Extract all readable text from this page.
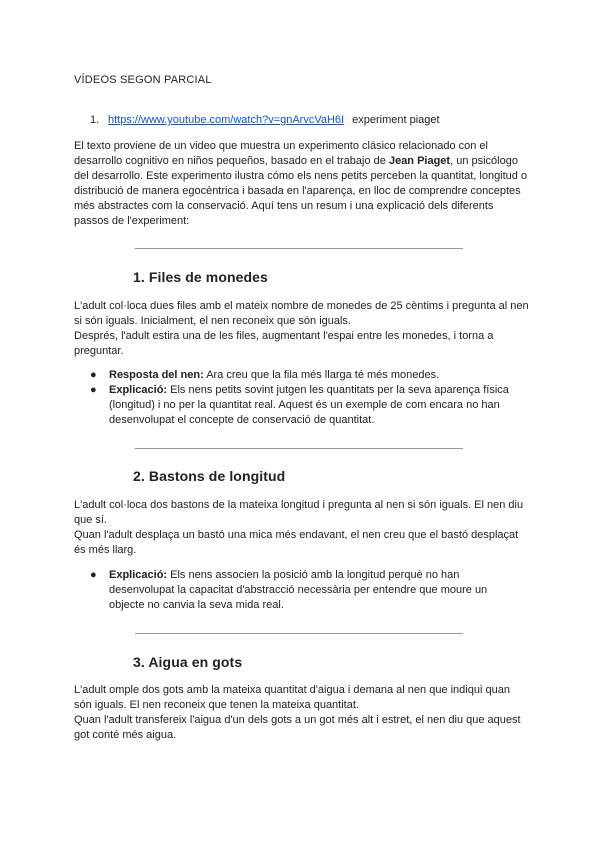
VÍDEOS SEGON PARCIAL
1. https://www.youtube.com/watch?v=gnArvcVaH6I experiment piaget

El texto proviene de un video que muestra un experimento clásico relacionado con el desarrollo cognitivo en niños pequeños, basado en el trabajo de Jean Piaget, un psicólogo del desarrollo. Este experimento ilustra cómo els nens petits perceben la quantitat, longitud o distribució de manera egocèntrica i basada en l'aparença, en lloc de comprendre conceptes més abstractes com la conservació. Aquí tens un resum i una explicació dels diferents passos de l'experiment:

1. Files de monedes

L'adult col·loca dues files amb el mateix nombre de monedes de 25 cèntims i pregunta al nen si són iguals. Inicialment, el nen reconeix que són iguals.
Després, l'adult estira una de les files, augmentant l'espai entre les monedes, i torna a preguntar.

● Resposta del nen: Ara creu que la fila més llarga té més monedes.
● Explicació: Els nens petits sovint jutgen les quantitats per la seva aparença física (longitud) i no per la quantitat real. Aquest és un exemple de com encara no han desenvolupat el concepte de conservació de quantitat.
2. Bastons de longitud

L'adult col·loca dos bastons de la mateixa longitud i pregunta al nen si són iguals. El nen diu que sí.
Quan l'adult desplaça un bastó una mica més endavant, el nen creu que el bastó desplaçat és més llarg.

● Explicació: Els nens associen la posició amb la longitud perquè no han desenvolupat la capacitat d'abstracció necessària per entendre que moure un objecte no canvia la seva mida real.
3. Aigua en gots

L'adult omple dos gots amb la mateixa quantitat d'aigua i demana al nen que indiqui quan són iguals. El nen reconeix que tenen la mateixa quantitat.
Quan l'adult transfereix l'aigua d'un dels gots a un got més alt i estret, el nen diu que aquest got conté més aigua.
